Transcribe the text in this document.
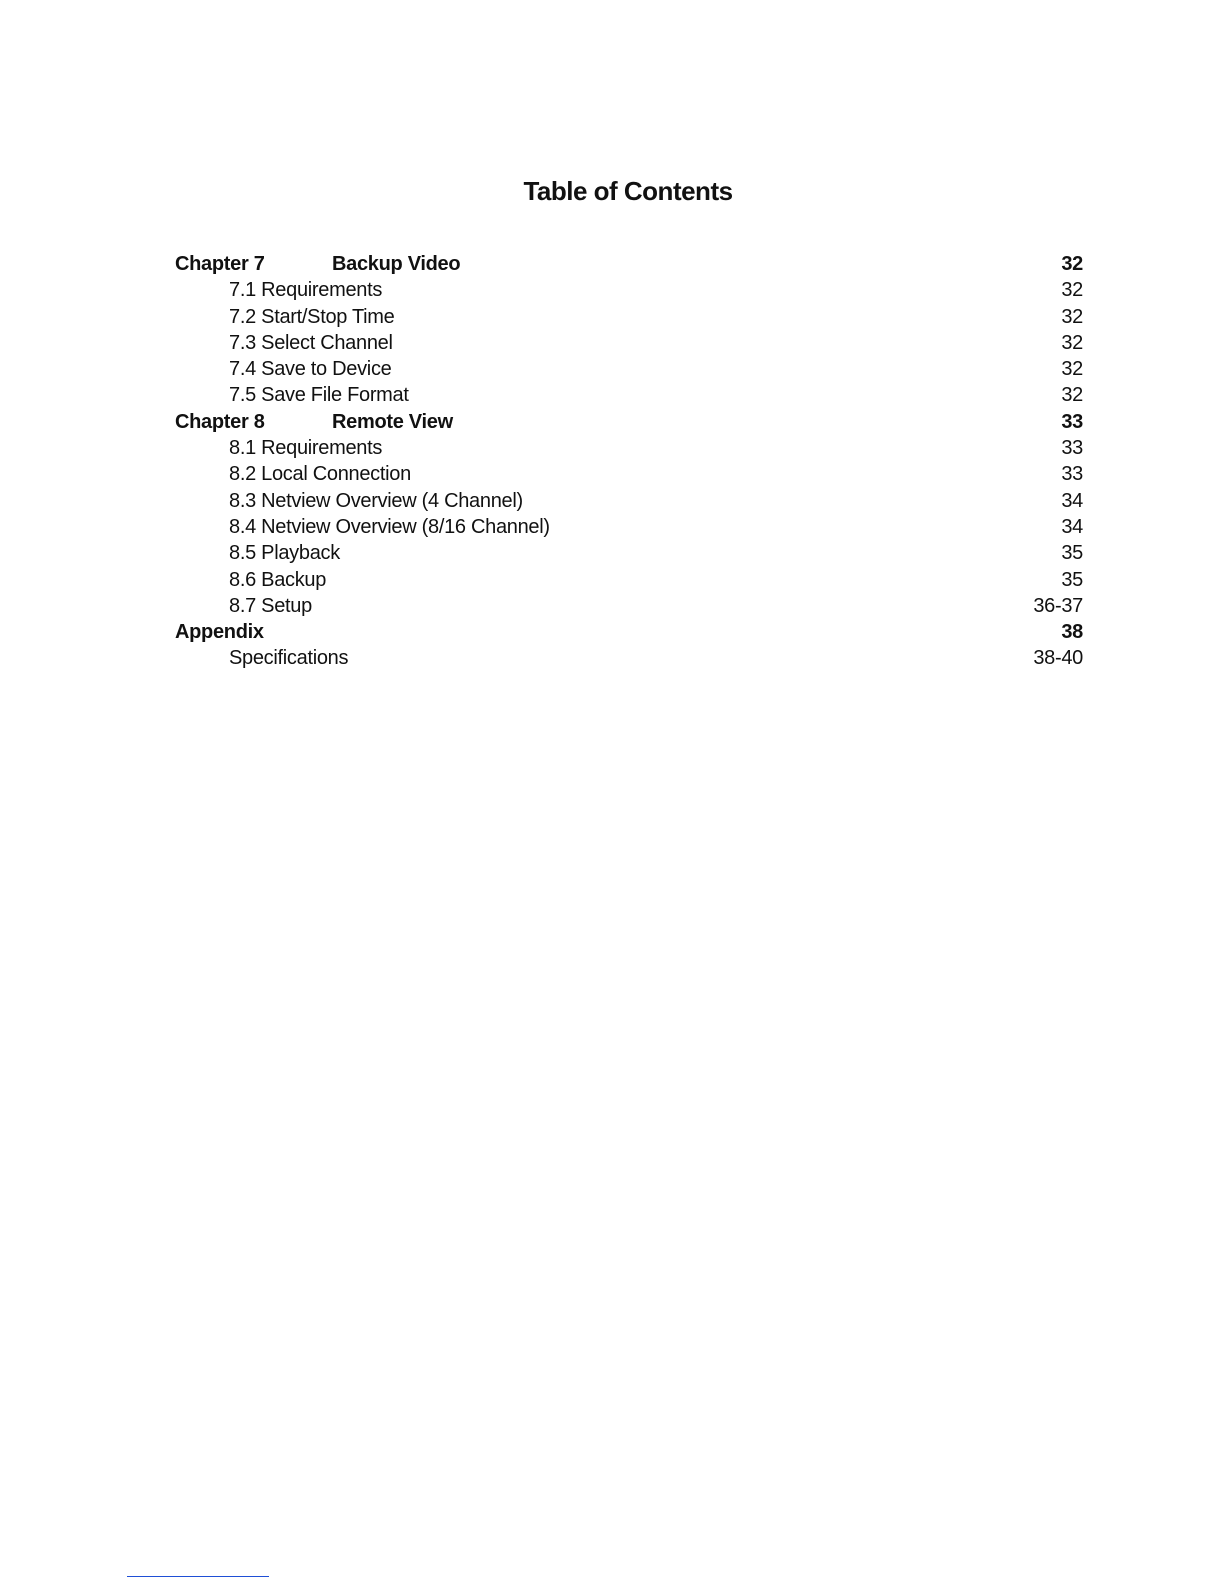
Table of Contents
Chapter 7	Backup Video	32
7.1 Requirements	32
7.2 Start/Stop Time	32
7.3 Select Channel	32
7.4 Save to Device	32
7.5 Save File Format	32
Chapter 8	Remote View	33
8.1 Requirements	33
8.2 Local Connection	33
8.3 Netview Overview (4 Channel)	34
8.4 Netview Overview (8/16 Channel)	34
8.5 Playback	35
8.6 Backup	35
8.7 Setup	36-37
Appendix	38
Specifications	38-40
